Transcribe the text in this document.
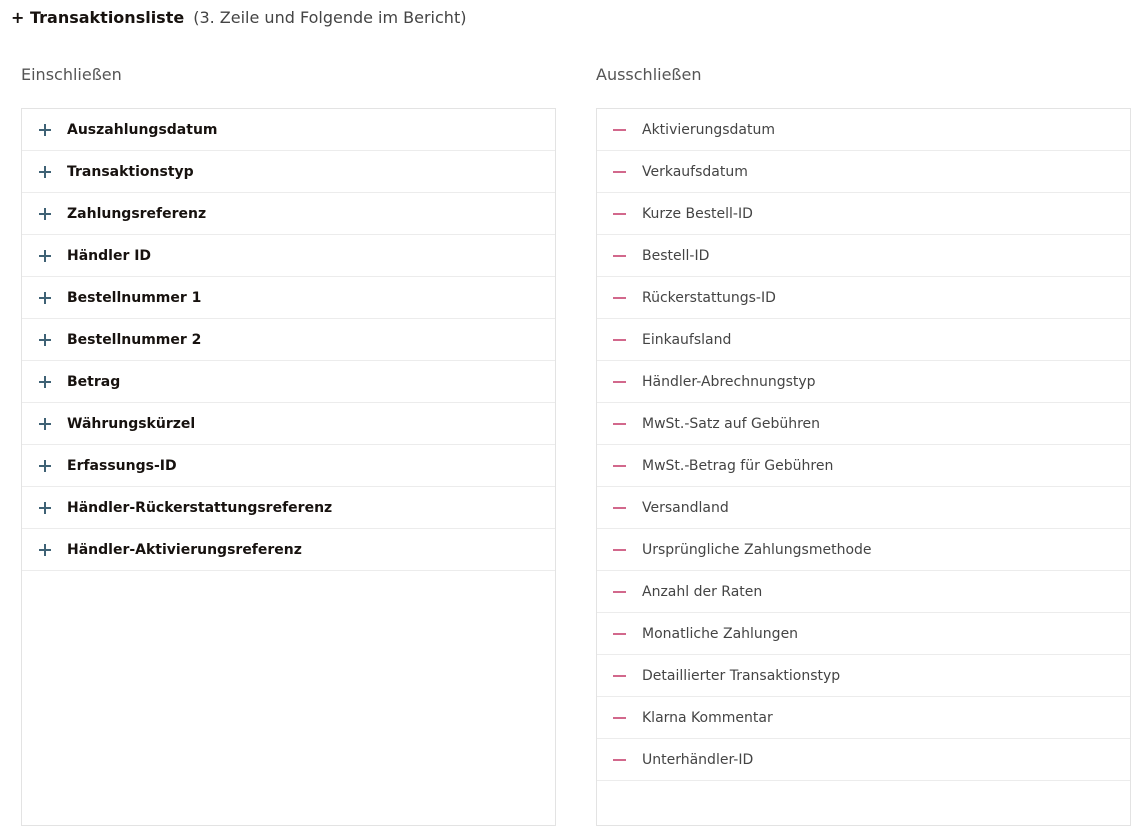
+ Transaktionsliste (3. Zeile und Folgende im Bericht)
Einschließen	Ausschließen
Auszahlungsdatum
Transaktionstyp
Zahlungsreferenz
Händler ID
Bestellnummer 1
Bestellnummer 2
Betrag
Währungskürzel
Erfassungs-ID
Händler-Rückerstattungsreferenz
Händler-Aktivierungsreferenz
Aktivierungsdatum
Verkaufsdatum
Kurze Bestell-ID
Bestell-ID
Rückerstattungs-ID
Einkaufsland
Händler-Abrechnungstyp
MwSt.-Satz auf Gebühren
MwSt.-Betrag für Gebühren
Versandland
Ursprüngliche Zahlungsmethode
Anzahl der Raten
Monatliche Zahlungen
Detaillierter Transaktionstyp
Klarna Kommentar
Unterhändler-ID
